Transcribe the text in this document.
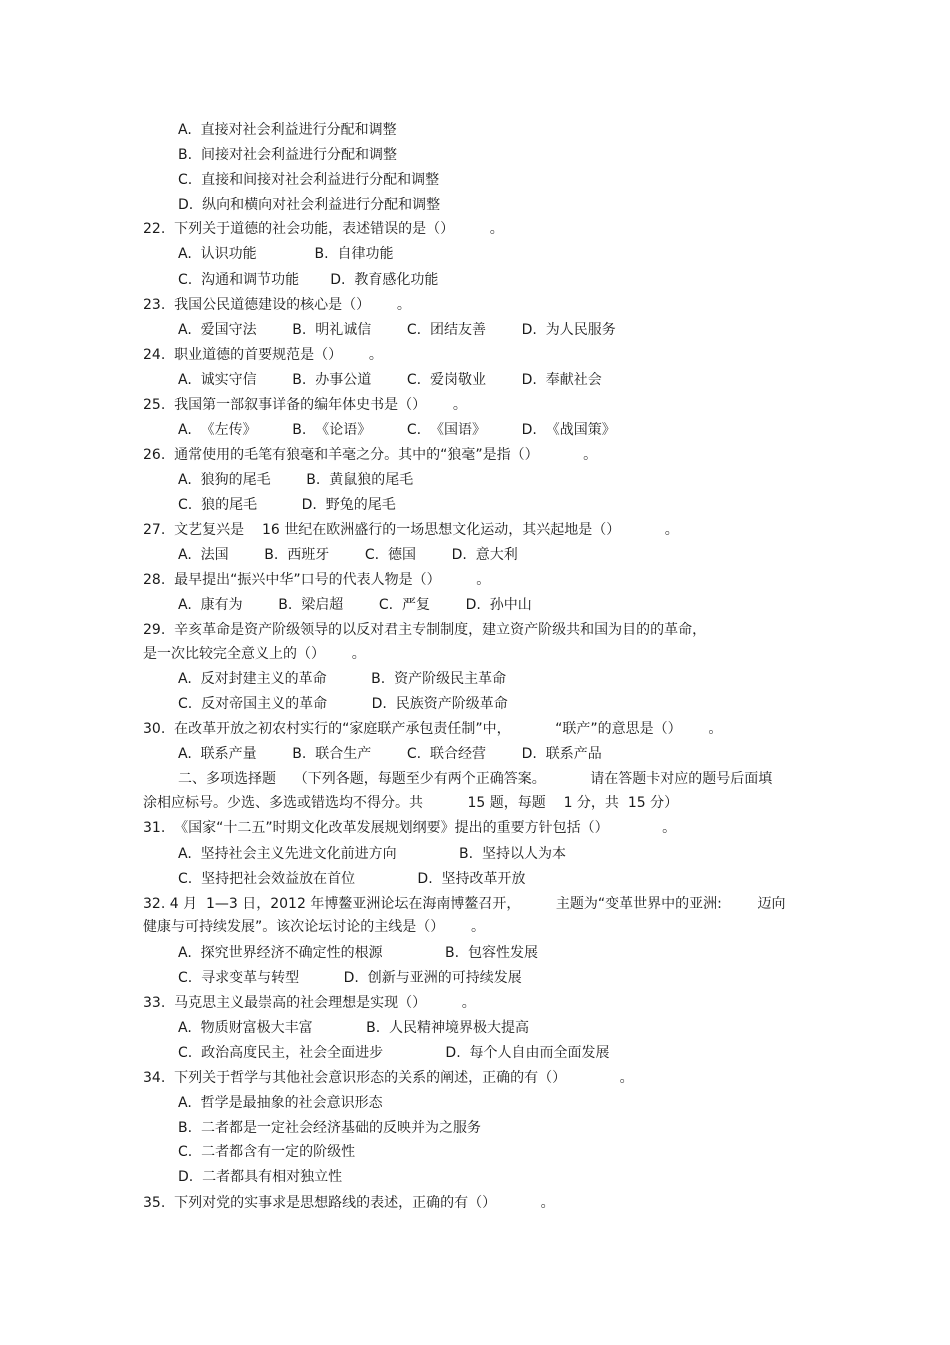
A.  直接对社会利益进行分配和调整
B.  间接对社会利益进行分配和调整
C.  直接和间接对社会利益进行分配和调整
D.  纵向和横向对社会利益进行分配和调整
22.  下列关于道德的社会功能，表述错误的是（）        。
A.  认识功能             B.  自律功能
C.  沟通和调节功能       D.  教育感化功能
23.  我国公民道德建设的核心是（）      。
A.  爱国守法        B.  明礼诚信        C.  团结友善        D.  为人民服务
24.  职业道德的首要规范是（）      。
A.  诚实守信        B.  办事公道        C.  爱岗敬业        D.  奉献社会
25.  我国第一部叙事详备的编年体史书是（）      。
A.  《左传》        B.  《论语》        C.  《国语》        D.  《战国策》
26.  通常使用的毛笔有狼毫和羊毫之分。其中的“狼毫”是指（）          。
A.  狼狗的尾毛        B.  黄鼠狼的尾毛
C.  狼的尾毛          D.  野兔的尾毛
27.  文艺复兴是    16 世纪在欧洲盛行的一场思想文化运动，其兴起地是（）          。
A.  法国        B.  西班牙        C.  德国        D.  意大利
28.  最早提出“振兴中华”口号的代表人物是（）        。
A.  康有为        B.  梁启超        C.  严复        D.  孙中山
29.  辛亥革命是资产阶级领导的以反对君主专制制度，建立资产阶级共和国为目的的革命，
是一次比较完全意义上的（）      。
A.  反对封建主义的革命          B.  资产阶级民主革命
C.  反对帝国主义的革命          D.  民族资产阶级革命
30.  在改革开放之初农村实行的“家庭联产承包责任制”中，          “联产”的意思是（）      。
A.  联系产量        B.  联合生产        C.  联合经营        D.  联系产品
二、多项选择题    （下列各题，每题至少有两个正确答案。          请在答题卡对应的题号后面填
涂相应标号。少选、多选或错选均不得分。共          15 题，每题    1 分，共  15 分）
31.  《国家“十二五”时期文化改革发展规划纲要》提出的重要方针包括（）            。
A.  坚持社会主义先进文化前进方向              B.  坚持以人为本
C.  坚持把社会效益放在首位              D.  坚持改革开放
32. 4 月  1—3 日，2012 年博鳌亚洲论坛在海南博鳌召开，        主题为“变革世界中的亚洲:        迈向
健康与可持续发展”。该次论坛讨论的主线是（）      。
A.  探究世界经济不确定性的根源              B.  包容性发展
C.  寻求变革与转型          D.  创新与亚洲的可持续发展
33.  马克思主义最崇高的社会理想是实现（）        。
A.  物质财富极大丰富            B.  人民精神境界极大提高
C.  政治高度民主，社会全面进步              D.  每个人自由而全面发展
34.  下列关于哲学与其他社会意识形态的关系的阐述，正确的有（）            。
A.  哲学是最抽象的社会意识形态
B.  二者都是一定社会经济基础的反映并为之服务
C.  二者都含有一定的阶级性
D.  二者都具有相对独立性
35.  下列对党的实事求是思想路线的表述，正确的有（）          。
